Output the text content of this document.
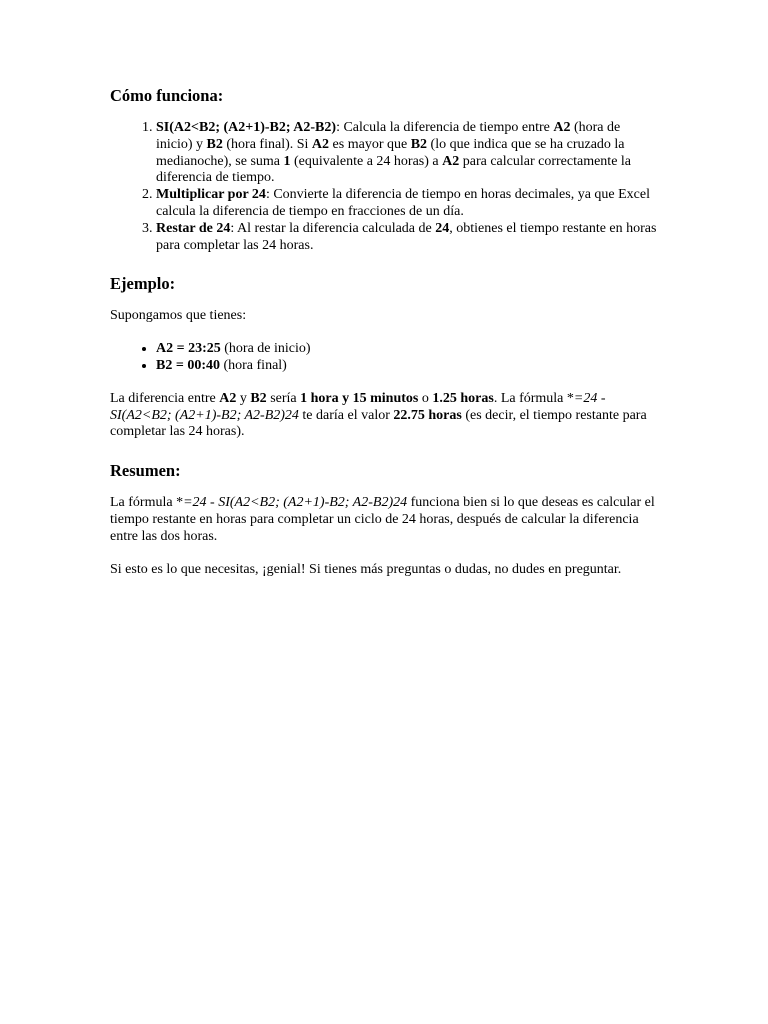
Cómo funciona:
1. SI(A2<B2; (A2+1)-B2; A2-B2): Calcula la diferencia de tiempo entre A2 (hora de inicio) y B2 (hora final). Si A2 es mayor que B2 (lo que indica que se ha cruzado la medianoche), se suma 1 (equivalente a 24 horas) a A2 para calcular correctamente la diferencia de tiempo.
2. Multiplicar por 24: Convierte la diferencia de tiempo en horas decimales, ya que Excel calcula la diferencia de tiempo en fracciones de un día.
3. Restar de 24: Al restar la diferencia calculada de 24, obtienes el tiempo restante en horas para completar las 24 horas.
Ejemplo:

Supongamos que tienes:

• A2 = 23:25 (hora de inicio)
• B2 = 00:40 (hora final)

La diferencia entre A2 y B2 sería 1 hora y 15 minutos o 1.25 horas. La fórmula *=24 - SI(A2<B2; (A2+1)-B2; A2-B2)24 te daría el valor 22.75 horas (es decir, el tiempo restante para completar las 24 horas).

Resumen:

La fórmula *=24 - SI(A2<B2; (A2+1)-B2; A2-B2)24 funciona bien si lo que deseas es calcular el tiempo restante en horas para completar un ciclo de 24 horas, después de calcular la diferencia entre las dos horas.

Si esto es lo que necesitas, ¡genial! Si tienes más preguntas o dudas, no dudes en preguntar.
